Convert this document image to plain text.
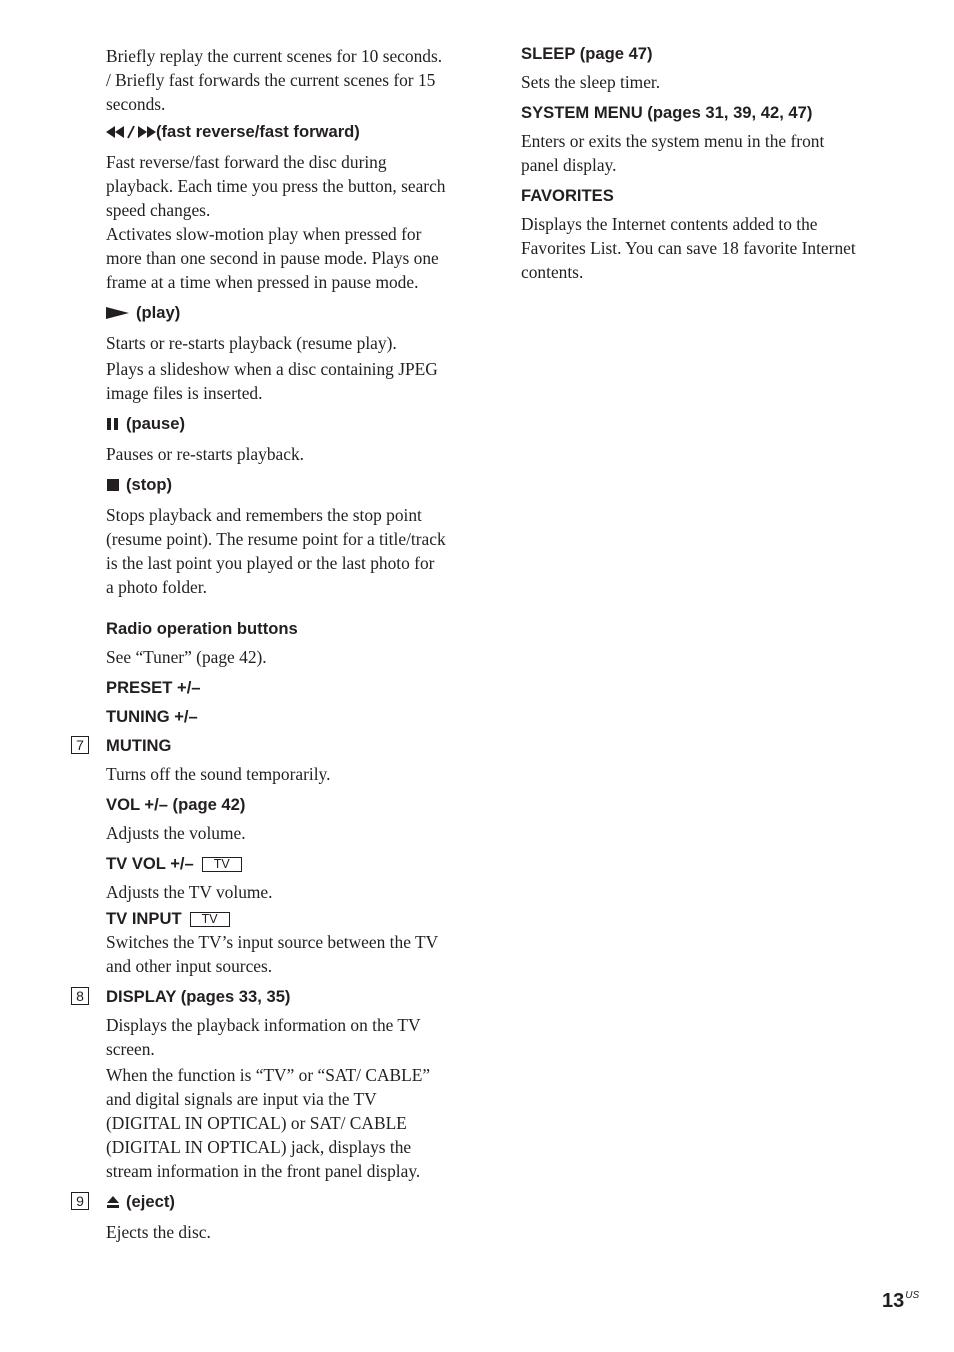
Briefly replay the current scenes for 10 seconds. / Briefly fast forwards the current scenes for 15 seconds.

(fast reverse/fast forward)

Fast reverse/fast forward the disc during playback. Each time you press the button, search speed changes.

Activates slow-motion play when pressed for more than one second in pause mode. Plays one frame at a time when pressed in pause mode.

(play)

Starts or re-starts playback (resume play).

Plays a slideshow when a disc containing JPEG image files is inserted.

(pause)

Pauses or re-starts playback.

(stop)

Stops playback and remembers the stop point (resume point). The resume point for a title/track is the last point you played or the last photo for a photo folder.

Radio operation buttons

See “Tuner” (page 42).

PRESET +/–

TUNING +/–

7	MUTING

Turns off the sound temporarily.

VOL +/– (page 42)

Adjusts the volume.

TV VOL +/– TV

Adjusts the TV volume.

TV INPUT TV

Switches the TV’s input source between the TV and other input sources.

8	DISPLAY (pages 33, 35)

Displays the playback information on the TV screen.

When the function is “TV” or “SAT/ CABLE” and digital signals are input via the TV (DIGITAL IN OPTICAL) or SAT/ CABLE (DIGITAL IN OPTICAL) jack, displays the stream information in the front panel display.

9	(eject)

Ejects the disc.

SLEEP (page 47)

Sets the sleep timer.

SYSTEM MENU (pages 31, 39, 42, 47)

Enters or exits the system menu in the front panel display.

FAVORITES

Displays the Internet contents added to the Favorites List. You can save 18 favorite Internet contents.

$13^{US}$
